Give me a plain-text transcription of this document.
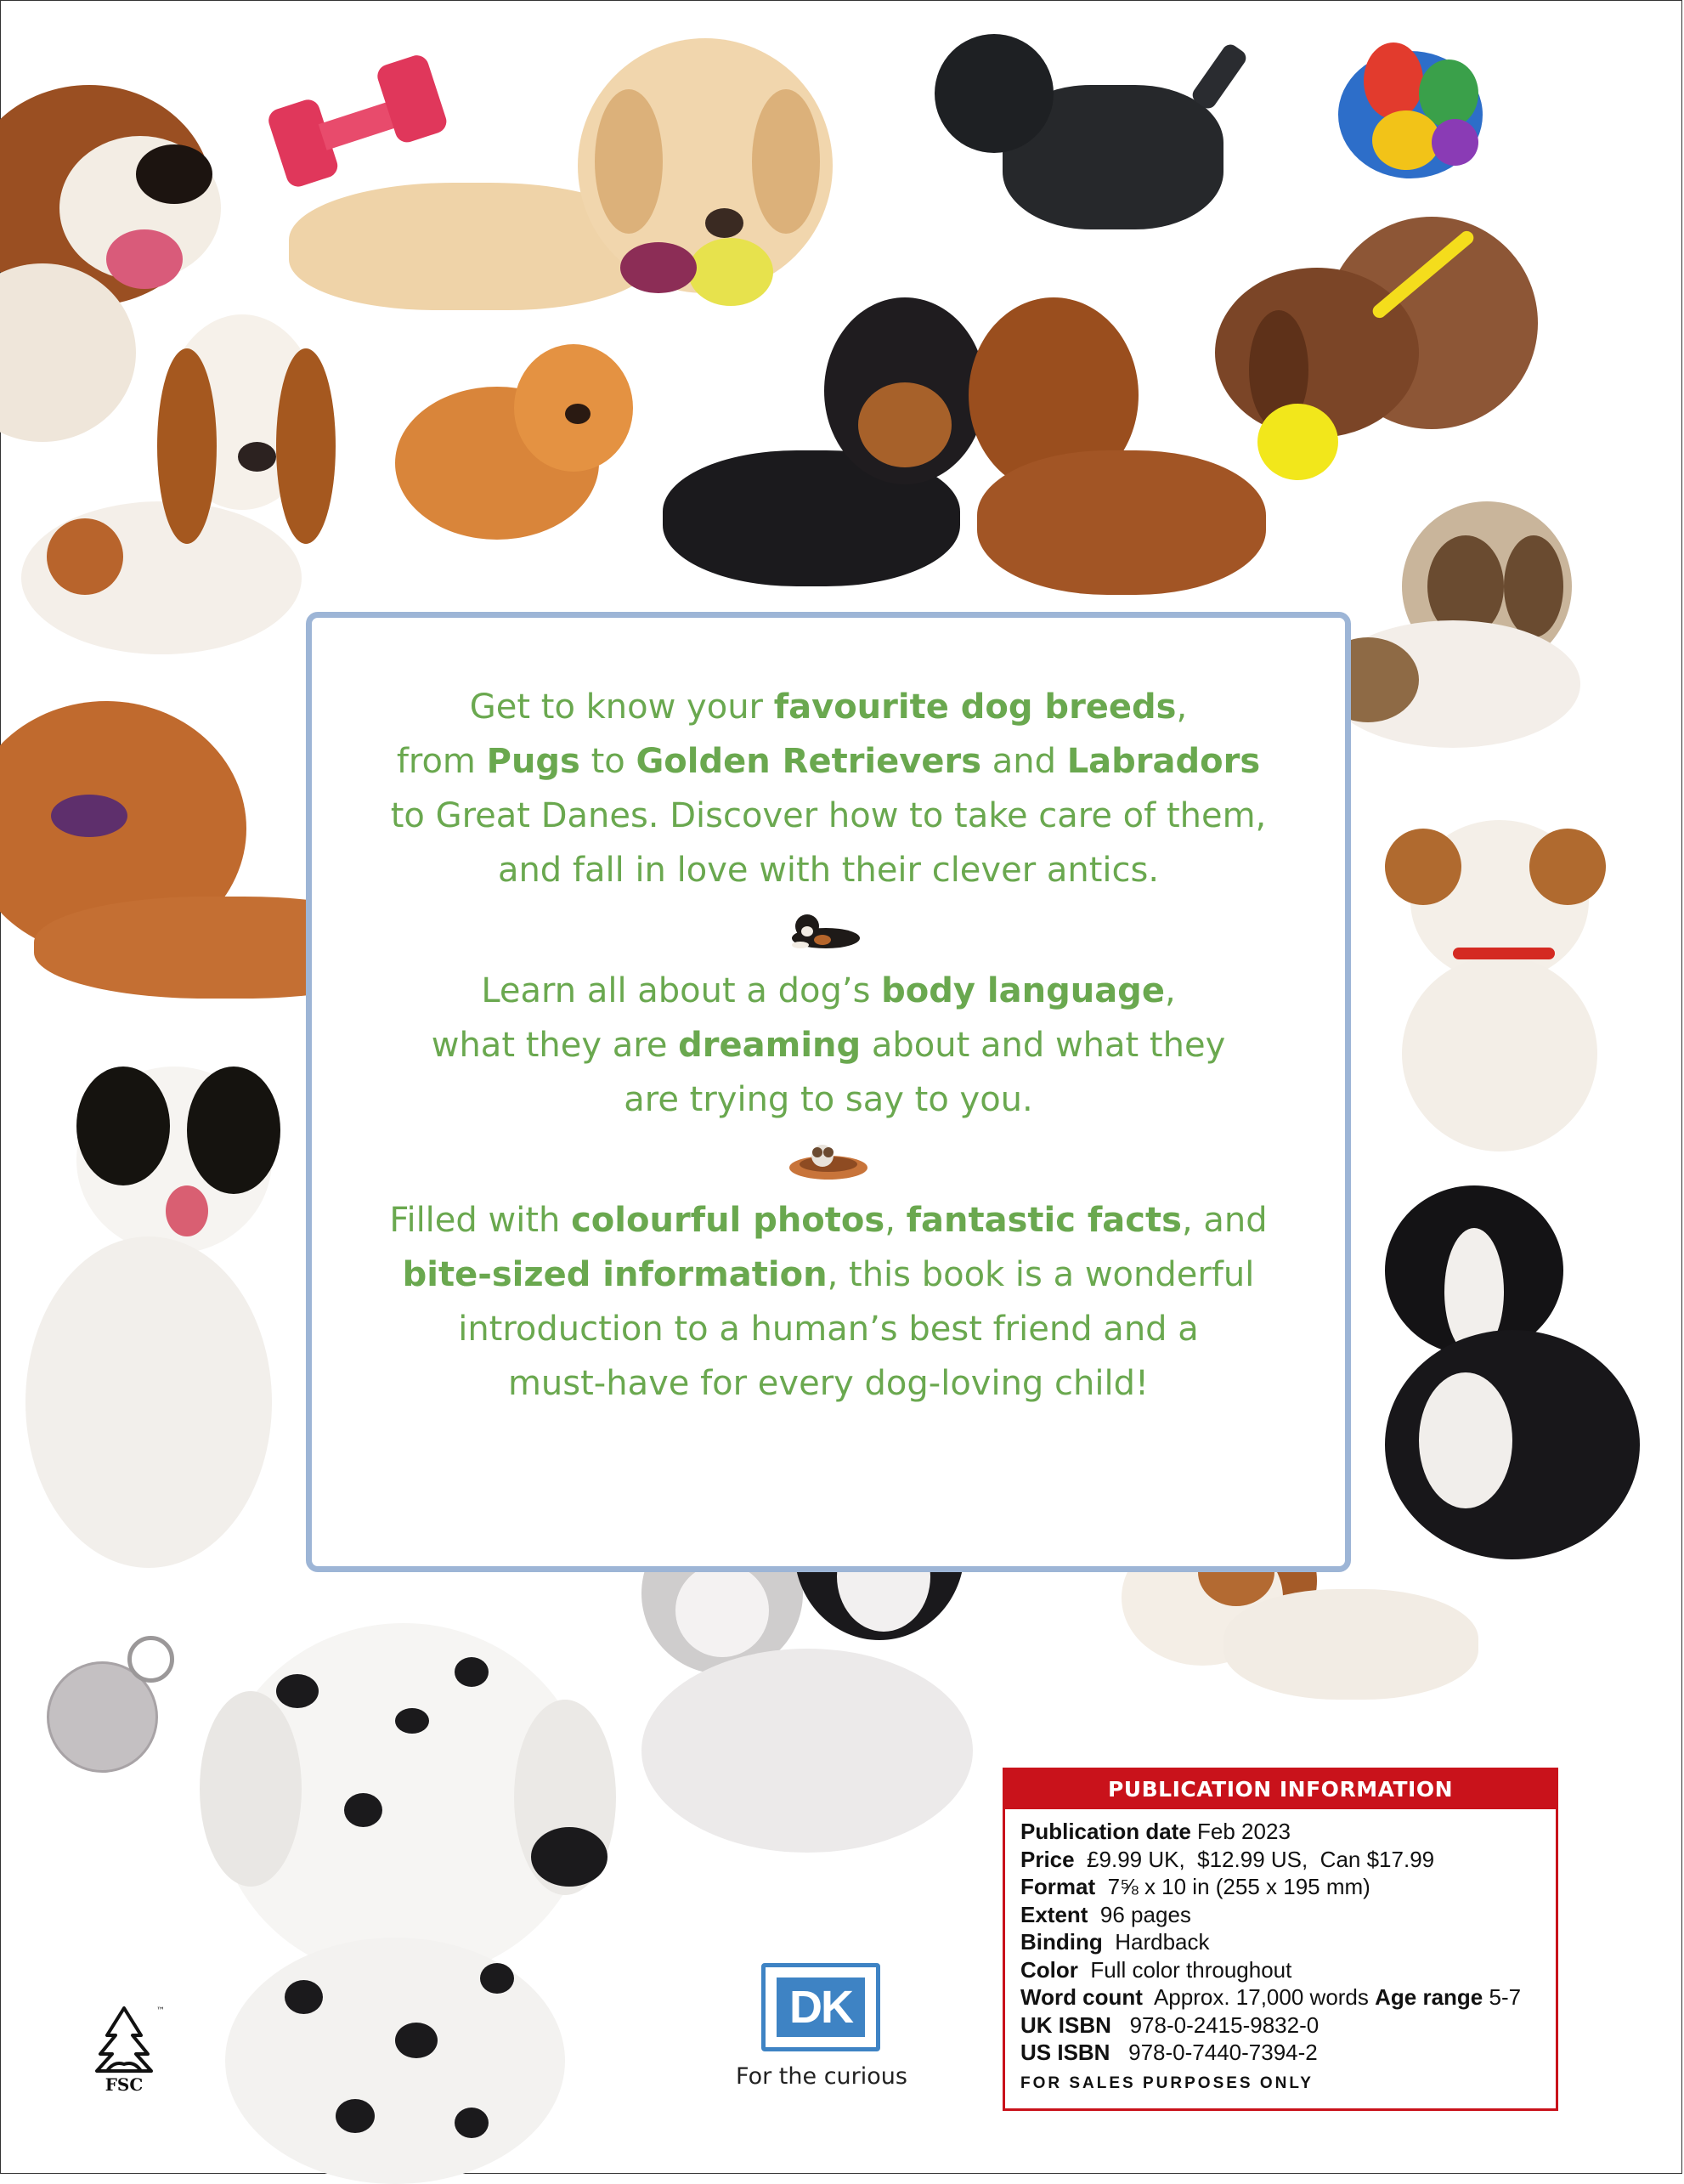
Get to know your favourite dog breeds,
from Pugs to Golden Retrievers and Labradors
to Great Danes. Discover how to take care of them,
and fall in love with their clever antics.

Learn all about a dog’s body language,
what they are dreaming about and what they
are trying to say to you.

Filled with colourful photos, fantastic facts, and
bite-sized information, this book is a wonderful
introduction to a human’s best friend and a
must-have for every dog-loving child!

PUBLICATION INFORMATION
Publication date Feb 2023
Price  £9.99 UK,  $12.99 US,  Can $17.99
Format  7⅝ x 10 in (255 x 195 mm)
Extent  96 pages
Binding  Hardback
Color  Full color throughout
Word count  Approx. 17,000 words Age range 5-7
UK ISBN   978-0-2415-9832-0
US ISBN   978-0-7440-7394-2
FOR SALES PURPOSES ONLY
DK
For the curious
FSC
™
